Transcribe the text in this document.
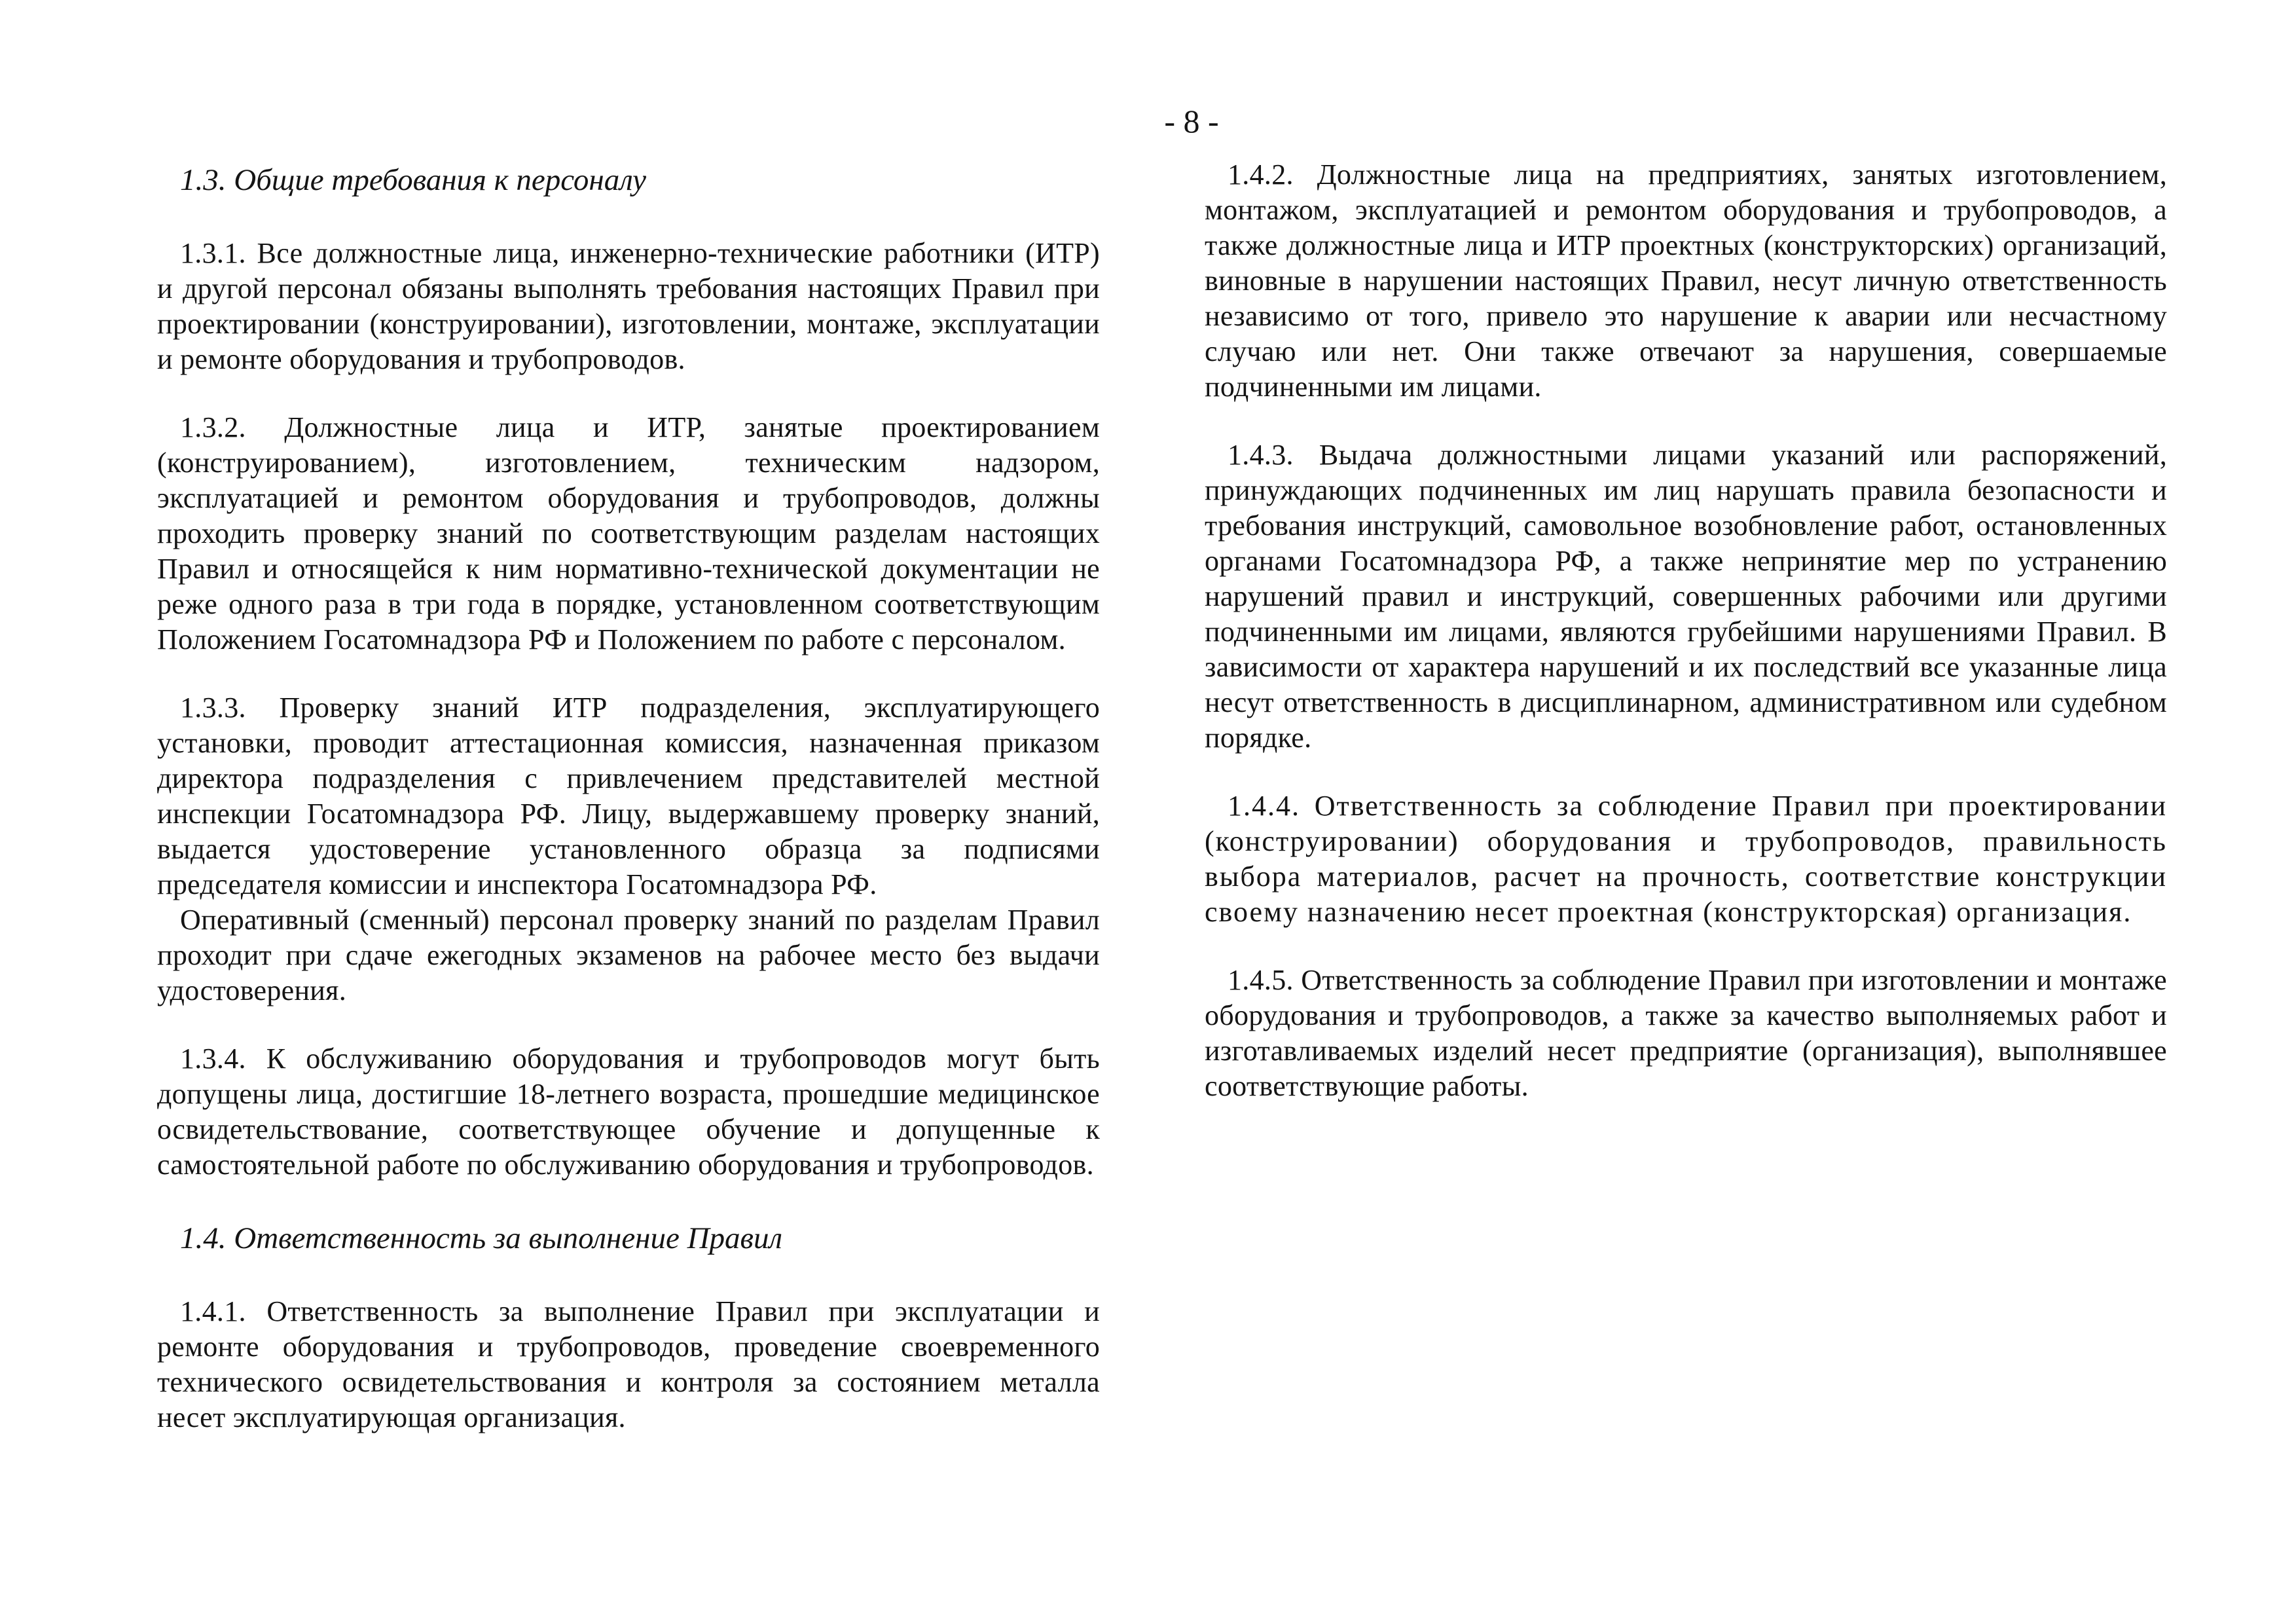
- 8 -

1.3. Общие требования к персоналу

1.3.1. Все должностные лица, инженерно-технические работники (ИТР) и другой персонал обязаны выполнять требования настоящих Правил при проектировании (конструировании), изготовлении, монтаже, эксплуатации и ремонте оборудования и трубопроводов.

1.3.2. Должностные лица и ИТР, занятые проектированием (конструированием), изготовлением, техническим надзором, эксплуатацией и ремонтом оборудования и трубопроводов, должны проходить проверку знаний по соответствующим разделам настоящих Правил и относящейся к ним нормативно-технической документации не реже одного раза в три года в порядке, установленном соответствующим Положением Госатомнадзора РФ и Положением по работе с персоналом.

1.3.3. Проверку знаний ИТР подразделения, эксплуатирующего установки, проводит аттестационная комиссия, назначенная приказом директора подразделения с привлечением представителей местной инспекции Госатомнадзора РФ. Лицу, выдержавшему проверку знаний, выдается удостоверение установленного образца за подписями председателя комиссии и инспектора Госатомнадзора РФ.

Оперативный (сменный) персонал проверку знаний по разделам Правил проходит при сдаче ежегодных экзаменов на рабочее место без выдачи удостоверения.

1.3.4. К обслуживанию оборудования и трубопроводов могут быть допущены лица, достигшие 18-летнего возраста, прошедшие медицинское освидетельствование, соответствующее обучение и допущенные к самостоятельной работе по обслуживанию оборудования и трубопроводов.

1.4. Ответственность за выполнение Правил

1.4.1. Ответственность за выполнение Правил при эксплуатации и ремонте оборудования и трубопроводов, проведение своевременного технического освидетельствования и контроля за состоянием металла несет эксплуатирующая организация.

1.4.2. Должностные лица на предприятиях, занятых изготовлением, монтажом, эксплуатацией и ремонтом оборудования и трубопроводов, а также должностные лица и ИТР проектных (конструкторских) организаций, виновные в нарушении настоящих Правил, несут личную ответственность независимо от того, привело это нарушение к аварии или несчастному случаю или нет. Они также отвечают за нарушения, совершаемые подчиненными им лицами.

1.4.3. Выдача должностными лицами указаний или распоряжений, принуждающих подчиненных им лиц нарушать правила безопасности и требования инструкций, самовольное возобновление работ, остановленных органами Госатомнадзора РФ, а также непринятие мер по устранению нарушений правил и инструкций, совершенных рабочими или другими подчиненными им лицами, являются грубейшими нарушениями Правил. В зависимости от характера нарушений и их последствий все указанные лица несут ответственность в дисциплинарном, административном или судебном порядке.

1.4.4. Ответственность за соблюдение Правил при проектировании (конструировании) оборудования и трубопроводов, правильность выбора материалов, расчет на прочность, соответствие конструкции своему назначению несет проектная (конструкторская) организация.

1.4.5. Ответственность за соблюдение Правил при изготовлении и монтаже оборудования и трубопроводов, а также за качество выполняемых работ и изготавливаемых изделий несет предприятие (организация), выполнявшее соответствующие работы.
